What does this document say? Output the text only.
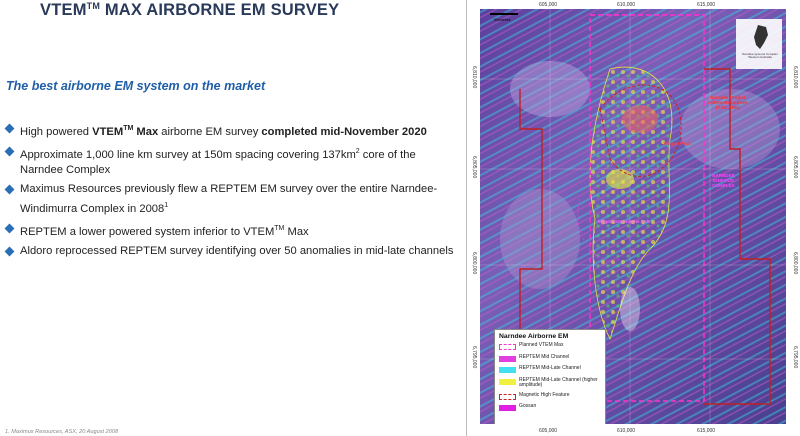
VTEM™ MAX AIRBORNE EM SURVEY
The best airborne EM system on the market
High powered VTEM™ Max airborne EM survey completed mid-November 2020
Approximate 1,000 line km survey at 150m spacing covering $137km^2$ core of the Narndee Complex
Maximus Resources previously flew a REPTEM EM survey over the entire Narndee-Windimurra Complex in 2008$^1$
REPTEM a lower powered system inferior to VTEM™ Max
Aldoro reprocessed REPTEM survey identifying over 50 anomalies in mid-late channels
1. Maximus Resources, ASX, 20 August 2008
605,000	610,000	615,000
605,000	610,000	615,000
6,810,000
6,805,000
6,800,000
6,795,000
6,810,000
6,805,000
6,800,000
6,795,000
Kilometres
Narndee Igneous Complex Western Australia
Narndee Project
Aldoro Resources
(ASX:ARN)
NARNDEE
IGNEOUS
COMPLEX
Milgoo Peak
Milgoo Greenstone Belt
Narndee Airborne EM
Planned VTEM Max
REPTEM Mid Channel
REPTEM Mid-Late Channel
REPTEM Mid-Late Channel (higher amplitude)
Magnetic High Feature
Gossan
